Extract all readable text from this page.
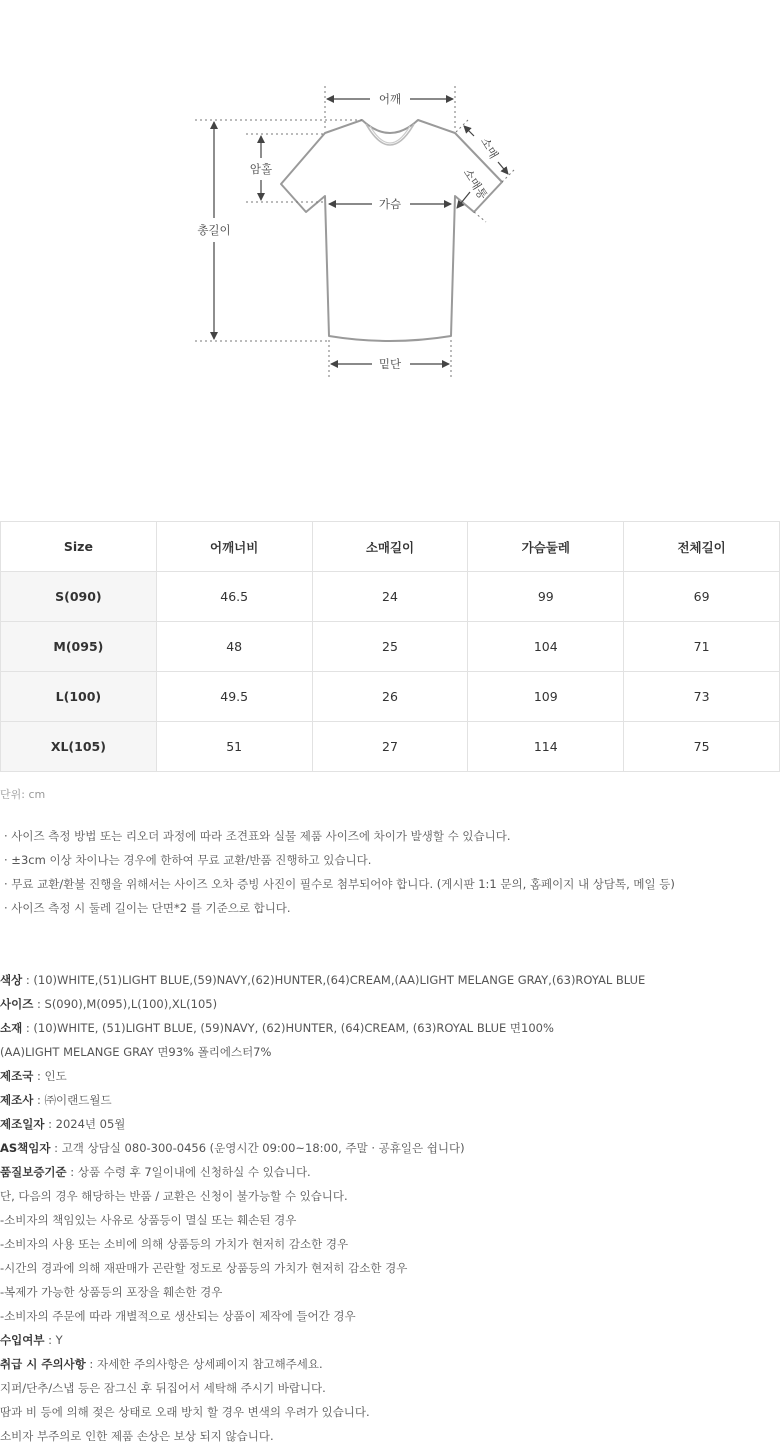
어깨
총길이
암홀
가슴
밑단
소매
소매통
Size	어깨너비	소매길이	가슴둘레	전체길이
S(090)	46.5	24	99	69
M(095)	48	25	104	71
L(100)	49.5	26	109	73
XL(105)	51	27	114	75
단위: cm
· 사이즈 측정 방법 또는 리오더 과정에 따라 조견표와 실물 제품 사이즈에 차이가 발생할 수 있습니다.
· ±3cm 이상 차이나는 경우에 한하여 무료 교환/반품 진행하고 있습니다.
· 무료 교환/환불 진행을 위해서는 사이즈 오차 증빙 사진이 필수로 첨부되어야 합니다. (게시판 1:1 문의, 홈페이지 내 상담톡, 메일 등)
· 사이즈 측정 시 둘레 길이는 단면*2 를 기준으로 합니다.
색상 : (10)WHITE,(51)LIGHT BLUE,(59)NAVY,(62)HUNTER,(64)CREAM,(AA)LIGHT MELANGE GRAY,(63)ROYAL BLUE
사이즈 : S(090),M(095),L(100),XL(105)
소재 : (10)WHITE, (51)LIGHT BLUE, (59)NAVY, (62)HUNTER, (64)CREAM, (63)ROYAL BLUE 면100%
(AA)LIGHT MELANGE GRAY 면93% 폴리에스터7%
제조국 : 인도
제조사 : ㈜이랜드월드
제조일자 : 2024년 05월
AS책임자 : 고객 상담실 080-300-0456 (운영시간 09:00~18:00, 주말 · 공휴일은 쉽니다)
품질보증기준 : 상품 수령 후 7일이내에 신청하실 수 있습니다.
단, 다음의 경우 해당하는 반품 / 교환은 신청이 불가능할 수 있습니다.
-소비자의 책임있는 사유로 상품등이 멸실 또는 훼손된 경우
-소비자의 사용 또는 소비에 의해 상품등의 가치가 현저히 감소한 경우
-시간의 경과에 의해 재판매가 곤란할 정도로 상품등의 가치가 현저히 감소한 경우
-복제가 가능한 상품등의 포장을 훼손한 경우
-소비자의 주문에 따라 개별적으로 생산되는 상품이 제작에 들어간 경우
수입여부 : Y
취급 시 주의사항 : 자세한 주의사항은 상세페이지 참고해주세요.
지퍼/단추/스냅 등은 잠그신 후 뒤집어서 세탁해 주시기 바랍니다.
땀과 비 등에 의해 젖은 상태로 오래 방치 할 경우 변색의 우려가 있습니다.
소비자 부주의로 인한 제품 손상은 보상 되지 않습니다.
